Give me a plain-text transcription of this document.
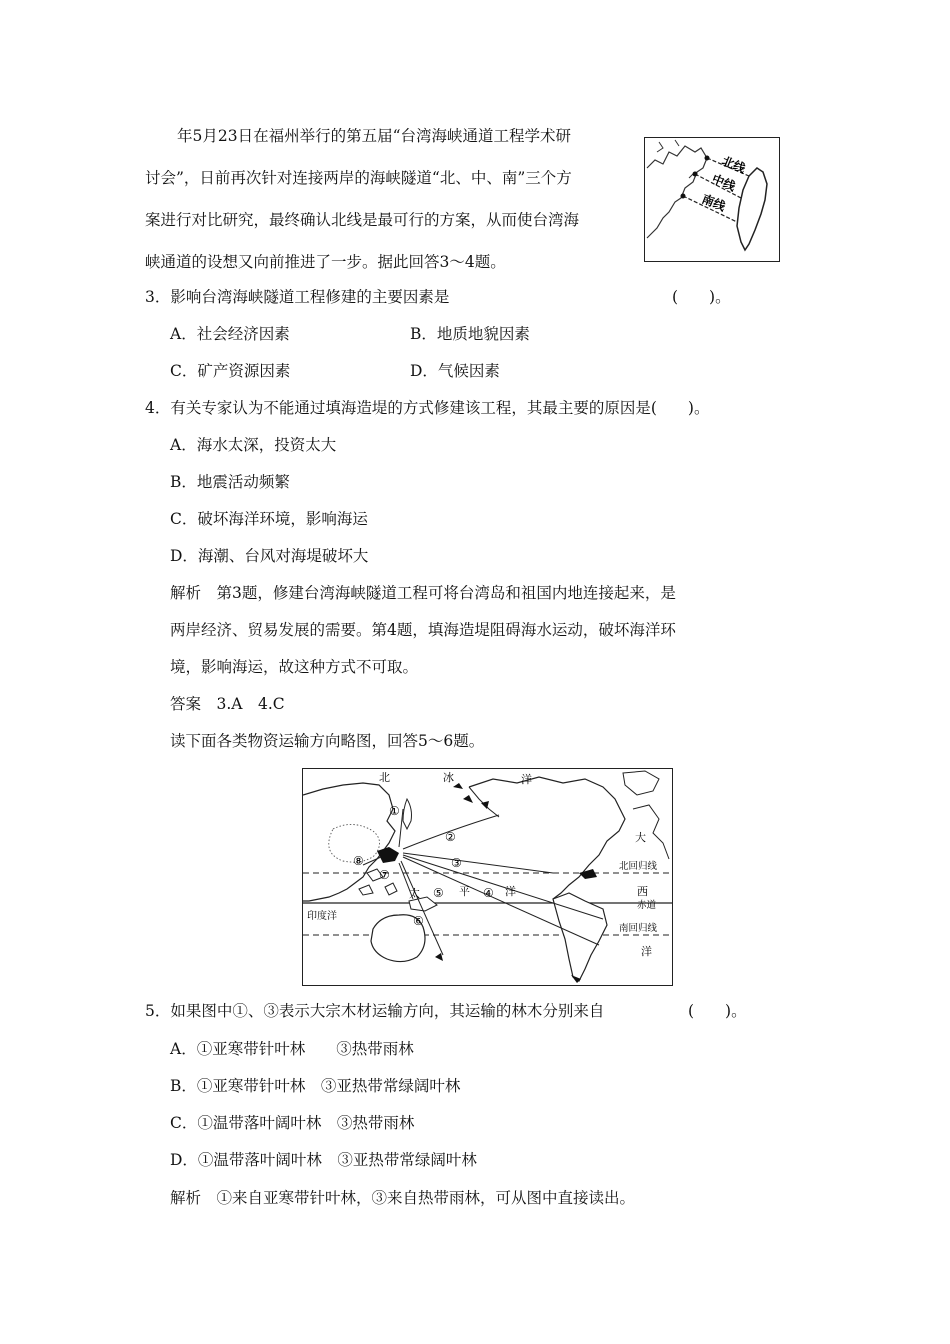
年5月23日在福州举行的第五届“台湾海峡通道工程学术研
讨会”，日前再次针对连接两岸的海峡隧道“北、中、南”三个方
案进行对比研究，最终确认北线是最可行的方案，从而使台湾海
峡通道的设想又向前推进了一步。据此回答3～4题。
北线
中线
南线
3．影响台湾海峡隧道工程修建的主要因素是	(　　)。
A．社会经济因素	B．地质地貌因素
C．矿产资源因素	D．气候因素
4．有关专家认为不能通过填海造堤的方式修建该工程，其最主要的原因是(　　)。
A．海水太深，投资太大
B．地震活动频繁
C．破坏海洋环境，影响海运
D．海潮、台风对海堤破坏大
解析　第3题，修建台湾海峡隧道工程可将台湾岛和祖国内地连接起来，是
两岸经济、贸易发展的需要。第4题，填海造堤阻碍海水运动，破坏海洋环
境，影响海运，故这种方式不可取。
答案　3.A　4.C
读下面各类物资运输方向略图，回答5～6题。
北	冰	洋
大
西
洋
太	平	洋
印度洋
北回归线
赤道
南回归线
①
②
③
④
⑤
⑥
⑦
⑧
5．如果图中①、③表示大宗木材运输方向，其运输的林木分别来自	(　　)。
A．①亚寒带针叶林　　③热带雨林
B．①亚寒带针叶林　③亚热带常绿阔叶林
C．①温带落叶阔叶林　③热带雨林
D．①温带落叶阔叶林　③亚热带常绿阔叶林
解析　①来自亚寒带针叶林，③来自热带雨林，可从图中直接读出。
